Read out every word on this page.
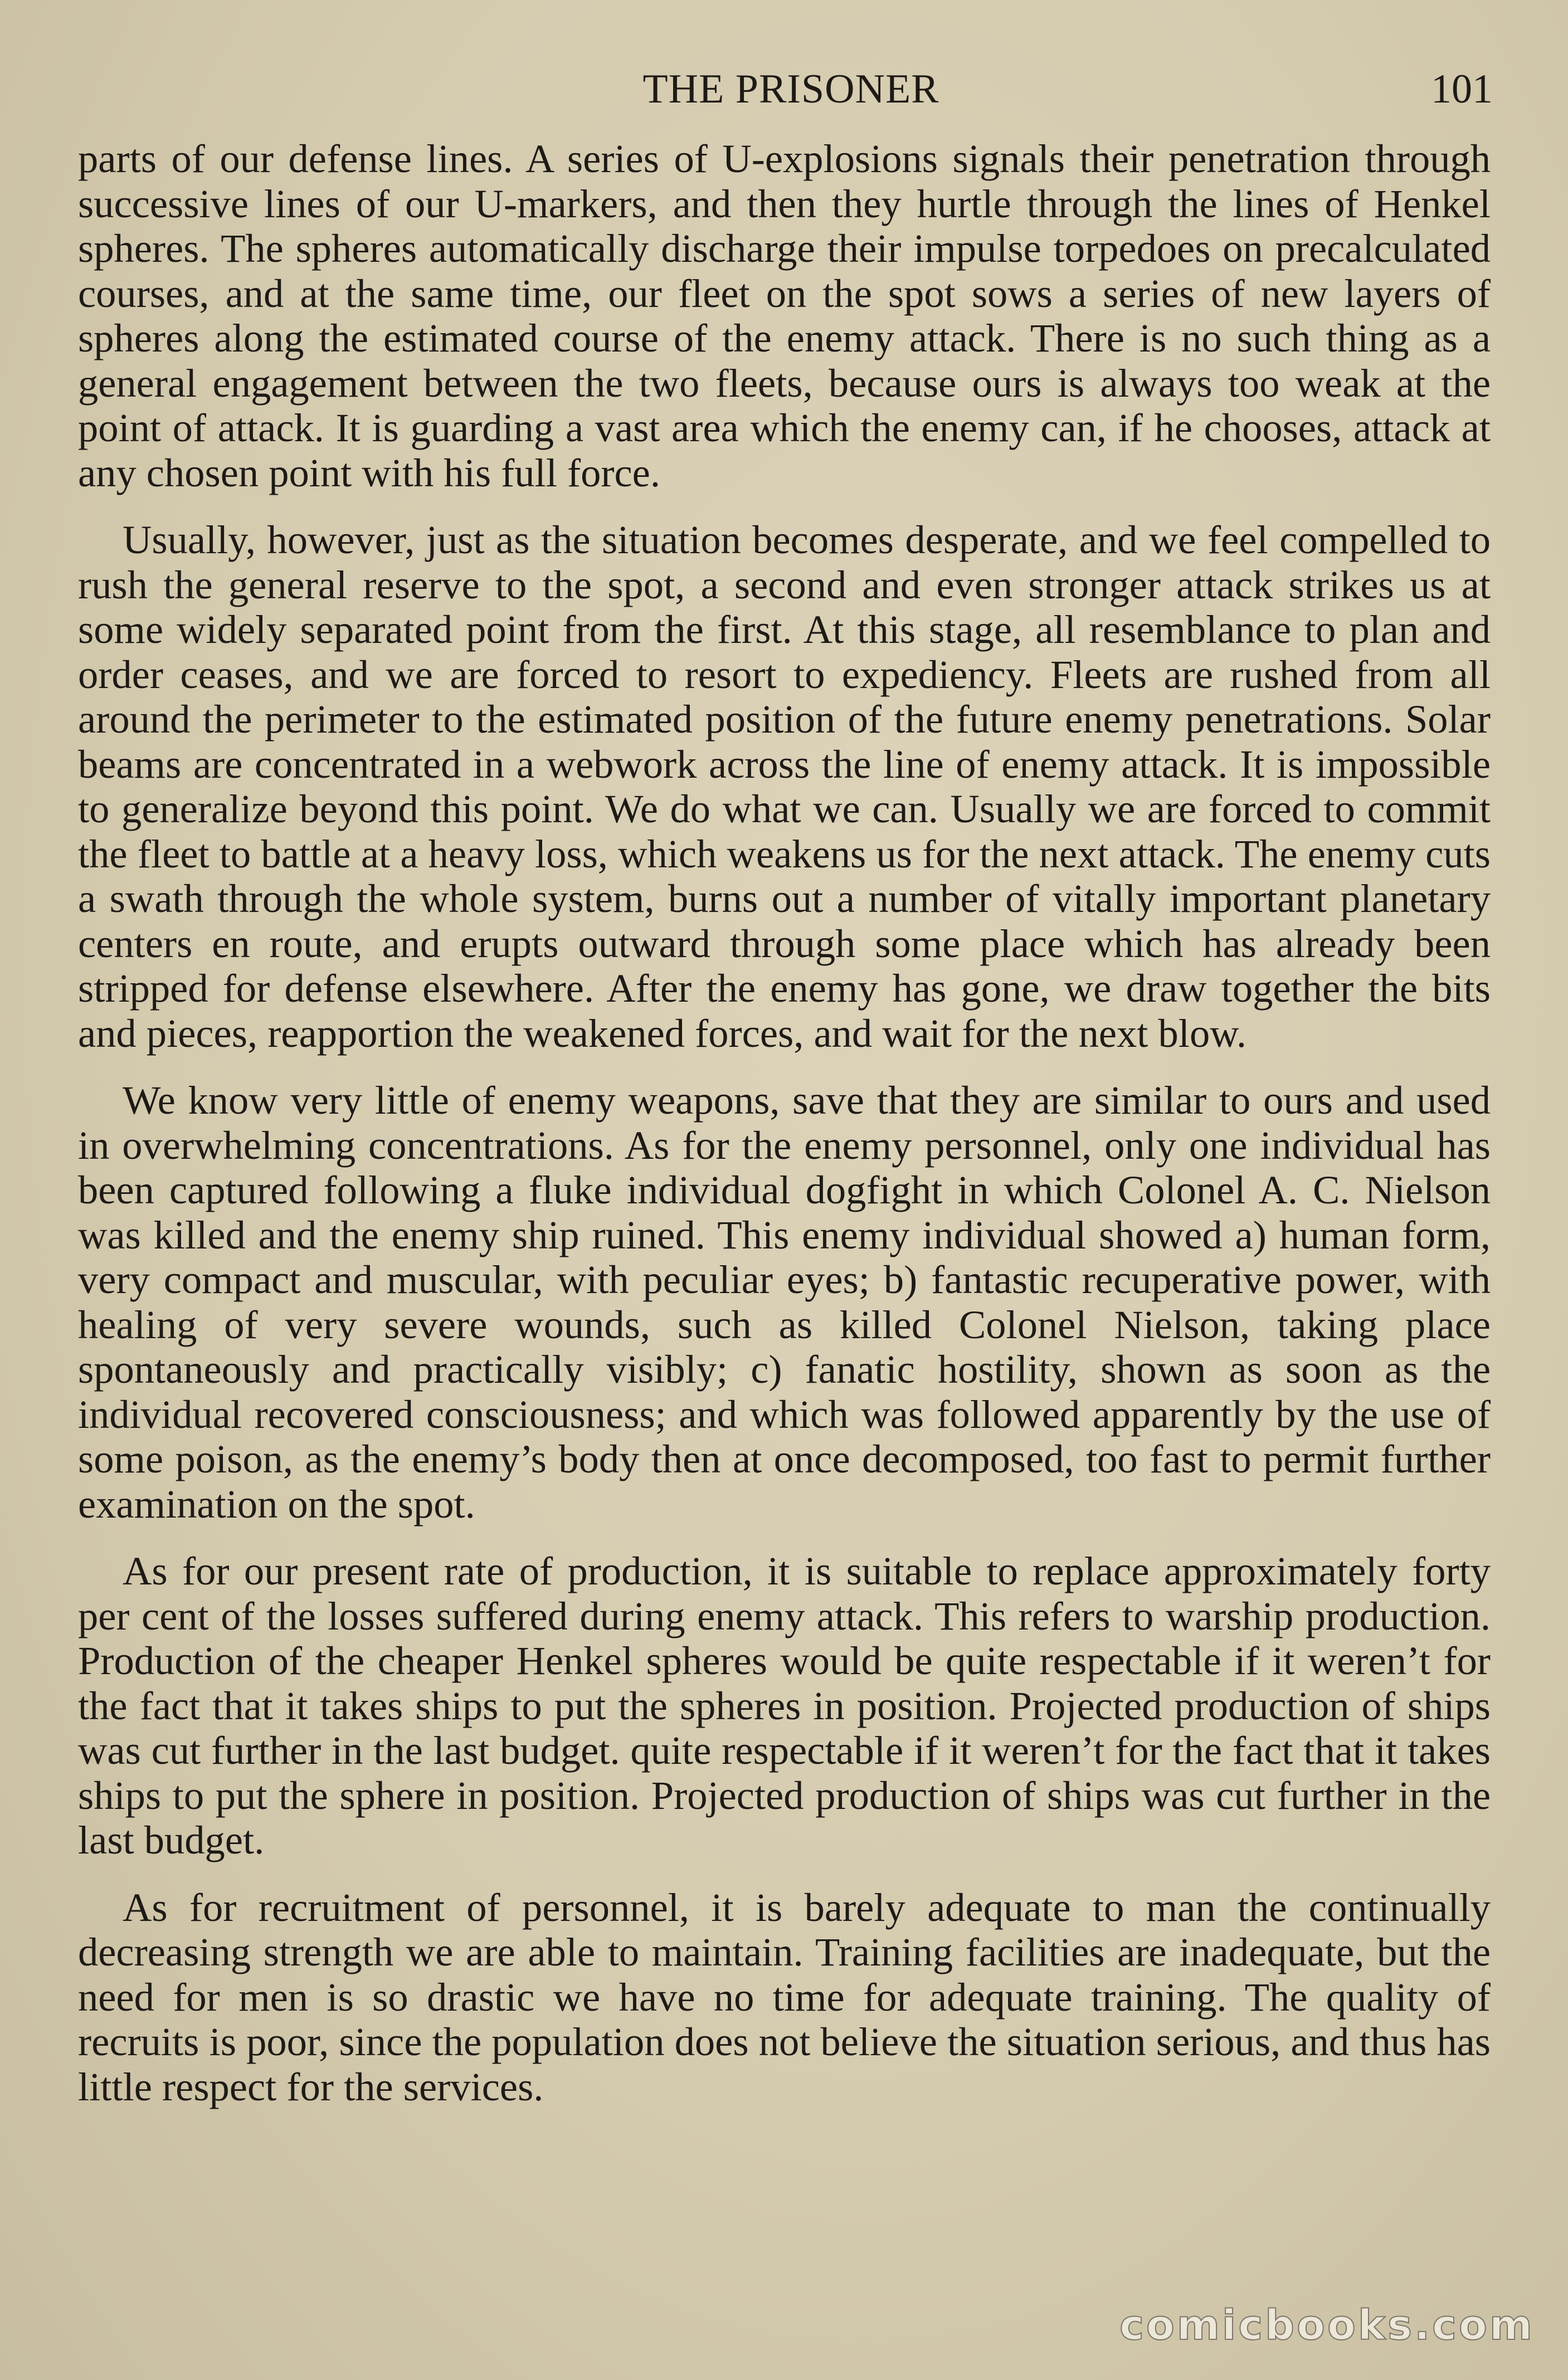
THE PRISONER	101

parts of our defense lines. A series of U-explosions signals their penetration through successive lines of our U-markers, and then they hurtle through the lines of Henkel spheres. The spheres automatically discharge their impulse torpedoes on precalculated courses, and at the same time, our fleet on the spot sows a series of new layers of spheres along the estimated course of the enemy attack. There is no such thing as a general engagement between the two fleets, because ours is always too weak at the point of attack. It is guarding a vast area which the enemy can, if he chooses, attack at any chosen point with his full force.

Usually, however, just as the situation becomes desperate, and we feel compelled to rush the general reserve to the spot, a second and even stronger attack strikes us at some widely separated point from the first. At this stage, all resemblance to plan and order ceases, and we are forced to resort to expediency. Fleets are rushed from all around the perimeter to the estimated position of the future enemy penetrations. Solar beams are concentrated in a webwork across the line of enemy attack. It is impossible to generalize beyond this point. We do what we can. Usually we are forced to commit the fleet to battle at a heavy loss, which weakens us for the next attack. The enemy cuts a swath through the whole system, burns out a number of vitally important planetary centers en route, and erupts outward through some place which has already been stripped for defense elsewhere. After the enemy has gone, we draw together the bits and pieces, reapportion the weakened forces, and wait for the next blow.

We know very little of enemy weapons, save that they are similar to ours and used in overwhelming concentrations. As for the enemy personnel, only one individual has been captured following a fluke individual dogfight in which Colonel A. C. Nielson was killed and the enemy ship ruined. This enemy individual showed a) human form, very compact and muscular, with peculiar eyes; b) fantastic recuperative power, with healing of very severe wounds, such as killed Colonel Nielson, taking place spontaneously and practically visibly; c) fanatic hostility, shown as soon as the individual recovered consciousness; and which was followed apparently by the use of some poison, as the enemy’s body then at once decomposed, too fast to permit further examination on the spot.

As for our present rate of production, it is suitable to replace approximately forty per cent of the losses suffered during enemy attack. This refers to warship production. Production of the cheaper Henkel spheres would be quite respectable if it weren’t for the fact that it takes ships to put the spheres in position. Projected production of ships was cut further in the last budget. quite respectable if it weren’t for the fact that it takes ships to put the sphere in position. Projected production of ships was cut further in the last budget.

As for recruitment of personnel, it is barely adequate to man the continually decreasing strength we are able to maintain. Training facilities are inadequate, but the need for men is so drastic we have no time for adequate training. The quality of recruits is poor, since the population does not believe the situation serious, and thus has little respect for the services.

comicbooks.com
